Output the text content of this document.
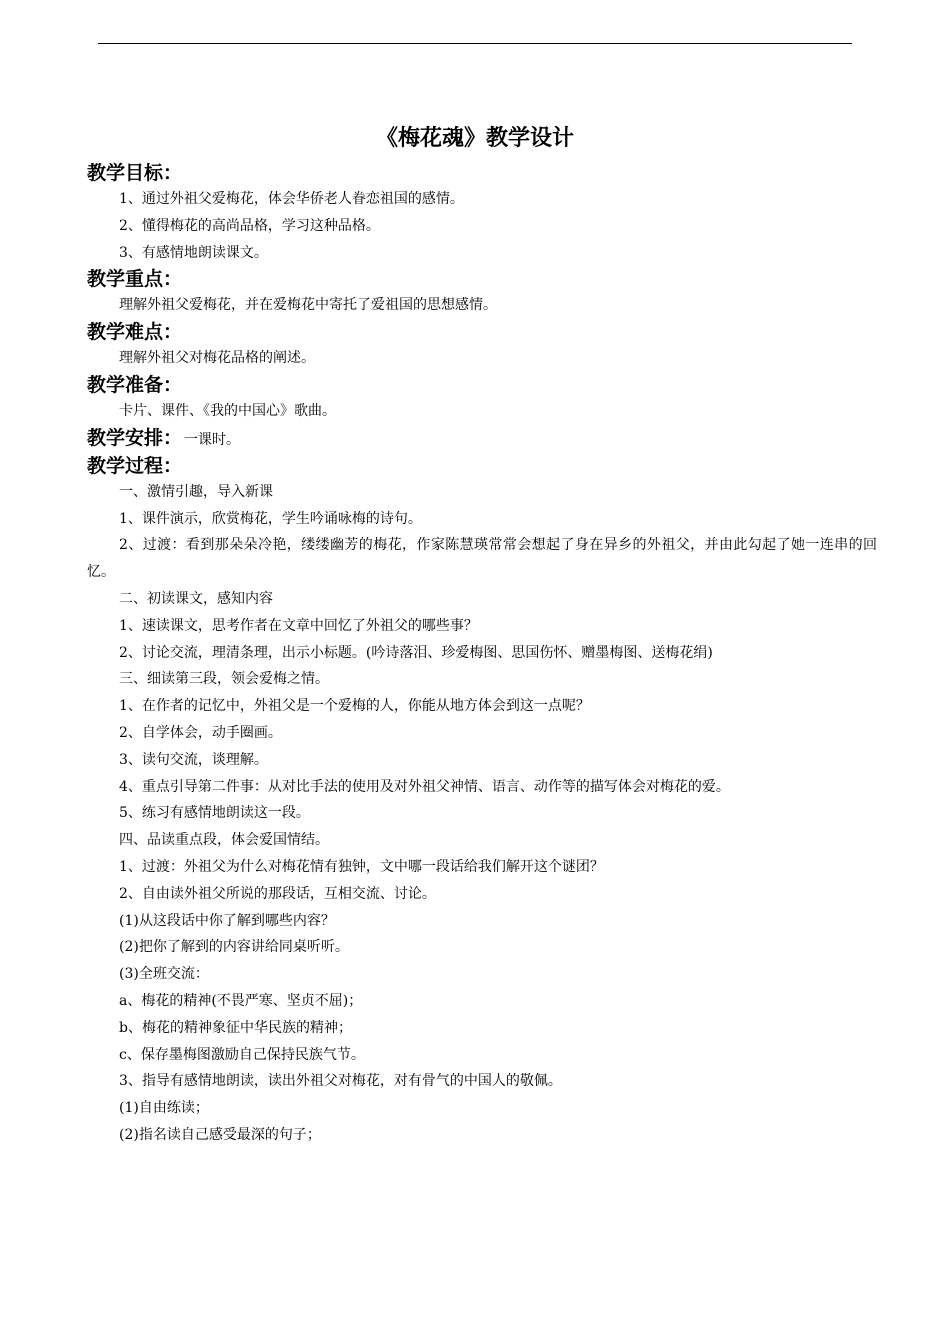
《梅花魂》教学设计
教学目标：

1、通过外祖父爱梅花，体会华侨老人眷恋祖国的感情。

2、懂得梅花的高尚品格，学习这种品格。

3、有感情地朗读课文。

教学重点：

理解外祖父爱梅花，并在爱梅花中寄托了爱祖国的思想感情。

教学难点：

理解外祖父对梅花品格的阐述。

教学准备：

卡片、课件、《我的中国心》歌曲。

教学安排： 一课时。
教学过程：

一、激情引趣，导入新课

1、课件演示，欣赏梅花，学生吟诵咏梅的诗句。

2、过渡：看到那朵朵冷艳，缕缕幽芳的梅花，作家陈慧瑛常常会想起了身在异乡的外祖父，并由此勾起了她一连串的回忆。

二、初读课文，感知内容

1、速读课文，思考作者在文章中回忆了外祖父的哪些事？

2、讨论交流，理清条理，出示小标题。(吟诗落泪、珍爱梅图、思国伤怀、赠墨梅图、送梅花绢)

三、细读第三段，领会爱梅之情。

1、在作者的记忆中，外祖父是一个爱梅的人，你能从地方体会到这一点呢？

2、自学体会，动手圈画。

3、读句交流，谈理解。

4、重点引导第二件事：从对比手法的使用及对外祖父神情、语言、动作等的描写体会对梅花的爱。

5、练习有感情地朗读这一段。

四、品读重点段，体会爱国情结。

1、过渡：外祖父为什么对梅花情有独钟，文中哪一段话给我们解开这个谜团？

2、自由读外祖父所说的那段话，互相交流、讨论。

(1)从这段话中你了解到哪些内容？

(2)把你了解到的内容讲给同桌听听。

(3)全班交流：

a、梅花的精神(不畏严寒、坚贞不屈)；

b、梅花的精神象征中华民族的精神；

c、保存墨梅图激励自己保持民族气节。

3、指导有感情地朗读，读出外祖父对梅花，对有骨气的中国人的敬佩。

(1)自由练读；

(2)指名读自己感受最深的句子；
